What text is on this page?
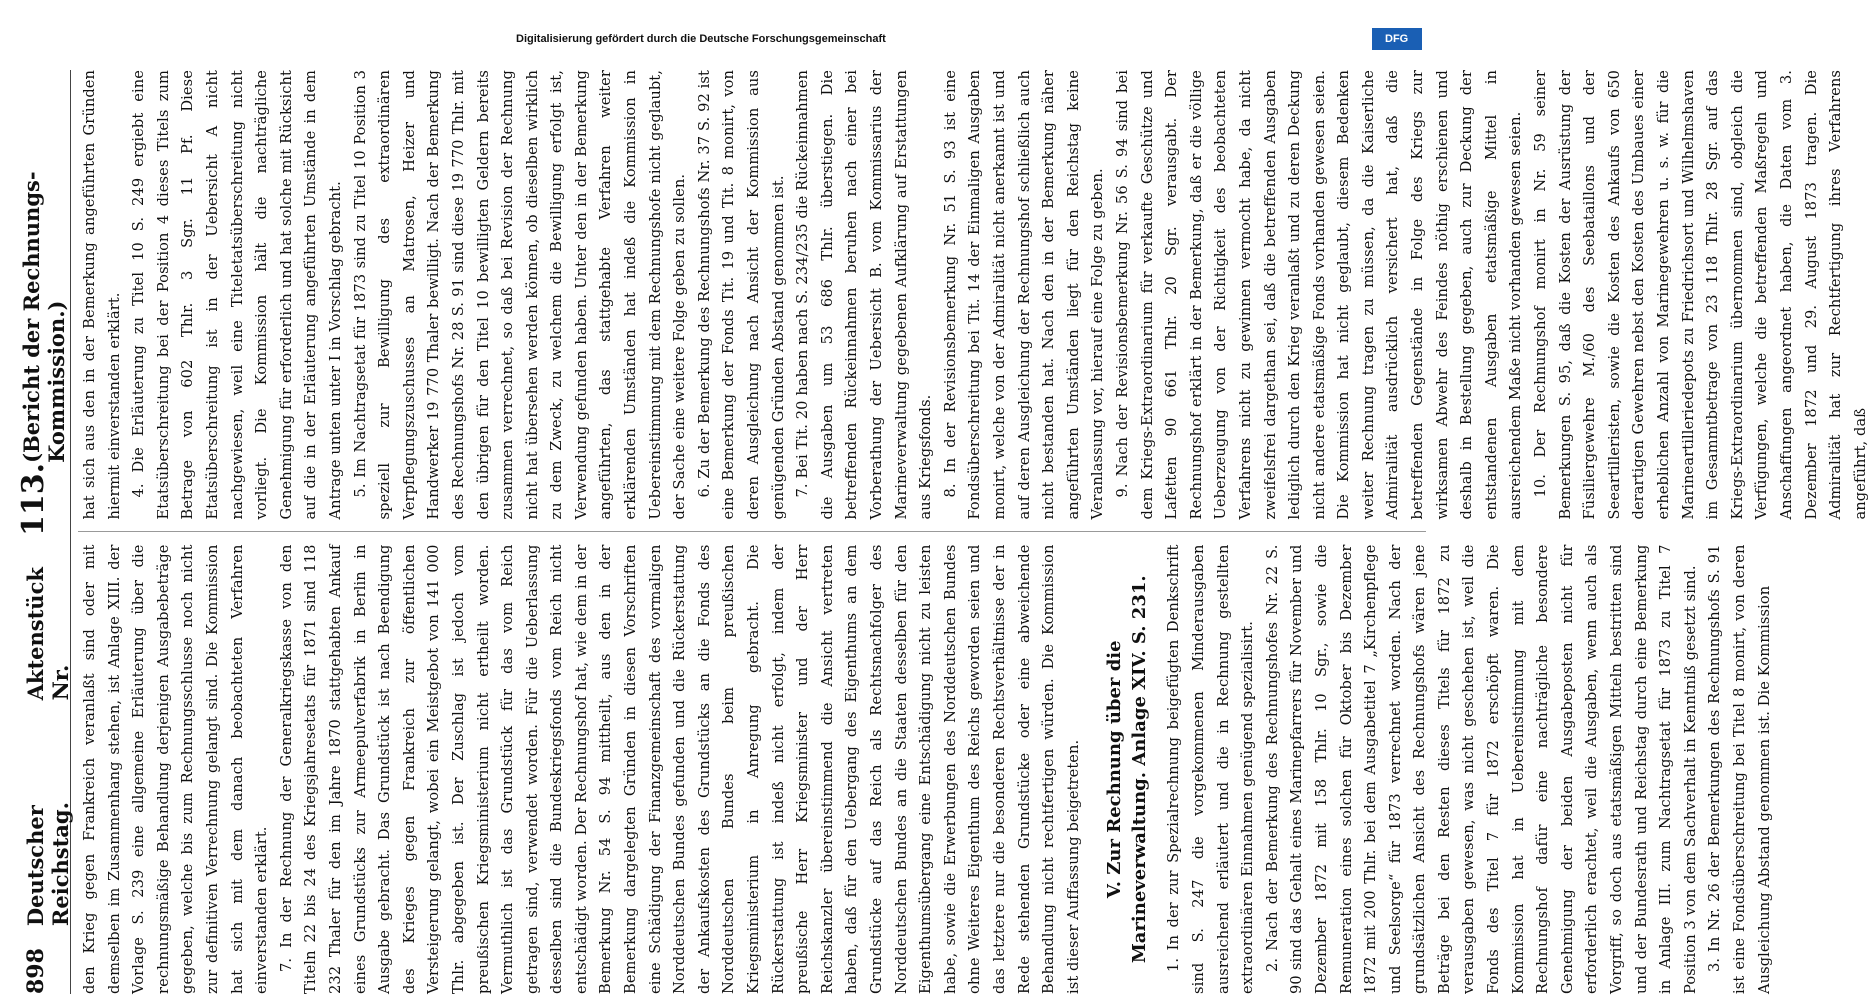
898
Deutscher Reichstag.
Aktenstück Nr.
113.
(Bericht der Rechnungs-Kommission.)

den Krieg gegen Frankreich veranlaßt sind oder mit demselben im Zusammenhang stehen, ist Anlage XIII. der Vorlage S. 239 eine allgemeine Erläuterung über die rechnungsmäßige Behandlung derjenigen Ausgabebeträge gegeben, welche bis zum Rechnungsschlusse noch nicht zur definitiven Verrechnung gelangt sind. Die Kommission hat sich mit dem danach beobachteten Verfahren einverstanden erklärt. 7. In der Rechnung der Generalkriegskasse von den Titeln 22 bis 24 des Kriegsjahresetats für 1871 sind 118 232 Thaler für den im Jahre 1870 stattgehabten Ankauf eines Grundstücks zur Armeepulverfabrik in Berlin in Ausgabe gebracht. Das Grundstück ist nach Beendigung des Krieges gegen Frankreich zur öffentlichen Versteigerung gelangt, wobei ein Meistgebot von 141 000 Thlr. abgegeben ist. Der Zuschlag ist jedoch vom preußischen Kriegsministerium nicht ertheilt worden. Vermuthlich ist das Grundstück für das vom Reich getragen sind, verwendet worden. Für die Ueberlassung desselben sind die Bundeskriegsfonds vom Reich nicht entschädigt worden. Der Rechnungshof hat, wie dem in der Bemerkung Nr. 54 S. 94 mittheilt, aus den in der Bemerkung dargelegten Gründen in diesen Vorschriften eine Schädigung der Finanzgemeinschaft des vormaligen Norddeutschen Bundes gefunden und die Rückerstattung der Ankaufskosten des Grundstücks an die Fonds des Norddeutschen Bundes beim preußischen Kriegsministerium in Anregung gebracht. Die Rückerstattung ist indeß nicht erfolgt, indem der preußische Herr Kriegsminister und der Herr Reichskanzler übereinstimmend die Ansicht vertreten haben, daß für den Uebergang des Eigenthums an dem Grundstücke auf das Reich als Rechtsnachfolger des Norddeutschen Bundes an die Staaten desselben für den Eigenthumsübergang eine Entschädigung nicht zu leisten habe, sowie die Erwerbungen des Norddeutschen Bundes ohne Weiteres Eigenthum des Reichs geworden seien und das letztere nur die besonderen Rechtsverhältnisse der in Rede stehenden Grundstücke oder eine abweichende Behandlung nicht rechtfertigen würden. Die Kommission ist dieser Auffassung beigetreten. V. Zur Rechnung über die Marineverwaltung. Anlage XIV. S. 231. 1. In der zur Spezialrechnung beigefügten Denkschrift sind S. 247 die vorgekommenen Minderausgaben ausreichend erläutert und die in Rechnung gestellten extraordinären Einnahmen genügend spezialisirt. 2. Nach der Bemerkung des Rechnungshofes Nr. 22 S. 90 sind das Gehalt eines Marinepfarrers für November und Dezember 1872 mit 158 Thlr. 10 Sgr., sowie die Remuneration eines solchen für Oktober bis Dezember 1872 mit 200 Thlr. bei dem Ausgabetitel 7 „Kirchenpflege und Seelsorge“ für 1873 verrechnet worden. Nach der grundsätzlichen Ansicht des Rechnungshofs wären jene Beträge bei den Resten dieses Titels für 1872 zu verausgaben gewesen, was nicht geschehen ist, weil die Fonds des Titel 7 für 1872 erschöpft waren. Die Kommission hat in Uebereinstimmung mit dem Rechnungshof dafür eine nachträgliche besondere Genehmigung der beiden Ausgabeposten nicht für erforderlich erachtet, weil die Ausgaben, wenn auch als Vorgriff, so doch aus etatsmäßigen Mitteln bestritten sind und der Bundesrath und Reichstag durch eine Bemerkung in Anlage III. zum Nachtragsetat für 1873 zu Titel 7 Position 3 von dem Sachverhalt in Kenntniß gesetzt sind. 3. In Nr. 26 der Bemerkungen des Rechnungshofs S. 91 ist eine Fondsüberschreitung bei Titel 8 monirt, von deren Ausgleichung Abstand genommen ist. Die Kommission

hat sich aus den in der Bemerkung angeführten Gründen hiermit einverstanden erklärt. 4. Die Erläuterung zu Titel 10 S. 249 ergiebt eine Etatsüberschreitung bei der Position 4 dieses Titels zum Betrage von 602 Thlr. 3 Sgr. 11 Pf. Diese Etatsüberschreitung ist in der Uebersicht A nicht nachgewiesen, weil eine Titeletatsüberschreitung nicht vorliegt. Die Kommission hält die nachträgliche Genehmigung für erforderlich und hat solche mit Rücksicht auf die in der Erläuterung angeführten Umstände in dem Antrage unten unter I in Vorschlag gebracht. 5. Im Nachtragsetat für 1873 sind zu Titel 10 Position 3 speziell zur Bewilligung des extraordinären Verpflegungszuschusses an Matrosen, Heizer und Handwerker 19 770 Thaler bewilligt. Nach der Bemerkung des Rechnungshofs Nr. 28 S. 91 sind diese 19 770 Thlr. mit den übrigen für den Titel 10 bewilligten Geldern bereits zusammen verrechnet, so daß bei Revision der Rechnung nicht hat übersehen werden können, ob dieselben wirklich zu dem Zweck, zu welchem die Bewilligung erfolgt ist, Verwendung gefunden haben. Unter den in der Bemerkung angeführten, das stattgehabte Verfahren weiter erklärenden Umständen hat indeß die Kommission in Uebereinstimmung mit dem Rechnungshofe nicht geglaubt, der Sache eine weitere Folge geben zu sollen. 6. Zu der Bemerkung des Rechnungshofs Nr. 37 S. 92 ist eine Bemerkung der Fonds Tit. 19 und Tit. 8 monirt, von deren Ausgleichung nach Ansicht der Kommission aus genügenden Gründen Abstand genommen ist. 7. Bei Tit. 20 haben nach S. 234/235 die Rückeinnahmen die Ausgaben um 53 686 Thlr. überstiegen. Die betreffenden Rückeinnahmen beruhen nach einer bei Vorberathung der Uebersicht B. vom Kommissarius der Marineverwaltung gegebenen Aufklärung auf Erstattungen aus Kriegsfonds. 8. In der Revisionsbemerkung Nr. 51 S. 93 ist eine Fondsüberschreitung bei Tit. 14 der Einmaligen Ausgaben monirt, welche von der Admiralität nicht anerkannt ist und auf deren Ausgleichung der Rechnungshof schließlich auch nicht bestanden hat. Nach den in der Bemerkung näher angeführten Umständen liegt für den Reichstag keine Veranlassung vor, hierauf eine Folge zu geben. 9. Nach der Revisionsbemerkung Nr. 56 S. 94 sind bei dem Kriegs-Extraordinarium für verkaufte Geschütze und Lafetten 90 661 Thlr. 20 Sgr. verausgabt. Der Rechnungshof erklärt in der Bemerkung, daß er die völlige Ueberzeugung von der Richtigkeit des beobachteten Verfahrens nicht zu gewinnen vermocht habe, da nicht zweifelsfrei dargethan sei, daß die betreffenden Ausgaben lediglich durch den Krieg veranlaßt und zu deren Deckung nicht andere etatsmäßige Fonds vorhanden gewesen seien. Die Kommission hat nicht geglaubt, diesem Bedenken weiter Rechnung tragen zu müssen, da die Kaiserliche Admiralität ausdrücklich versichert hat, daß die betreffenden Gegenstände in Folge des Kriegs zur wirksamen Abwehr des Feindes nöthig erschienen und deshalb in Bestellung gegeben, auch zur Deckung der entstandenen Ausgaben etatsmäßige Mittel in ausreichendem Maße nicht vorhanden gewesen seien. 10. Der Rechnungshof monirt in Nr. 59 seiner Bemerkungen S. 95, daß die Kosten der Ausrüstung der Füsiliergewehre M./60 des Seebataillons und der Seeartilleristen, sowie die Kosten des Ankaufs von 650 derartigen Gewehren nebst den Kosten des Umbaues einer erheblichen Anzahl von Marinegewehren u. s. w. für die Marineartilleriedepots zu Friedrichsort und Wilhelmshaven im Gesammtbetrage von 23 118 Thlr. 28 Sgr. auf das Kriegs-Extraordinarium übernommen sind, obgleich die Verfügungen, welche die betreffenden Maßregeln und Anschaffungen angeordnet haben, die Daten vom 3. Dezember 1872 und 29. August 1873 tragen. Die Admiralität hat zur Rechtfertigung ihres Verfahrens angeführt, daß

Digitalisierung gefördert durch die Deutsche Forschungsgemeinschaft	DFG
